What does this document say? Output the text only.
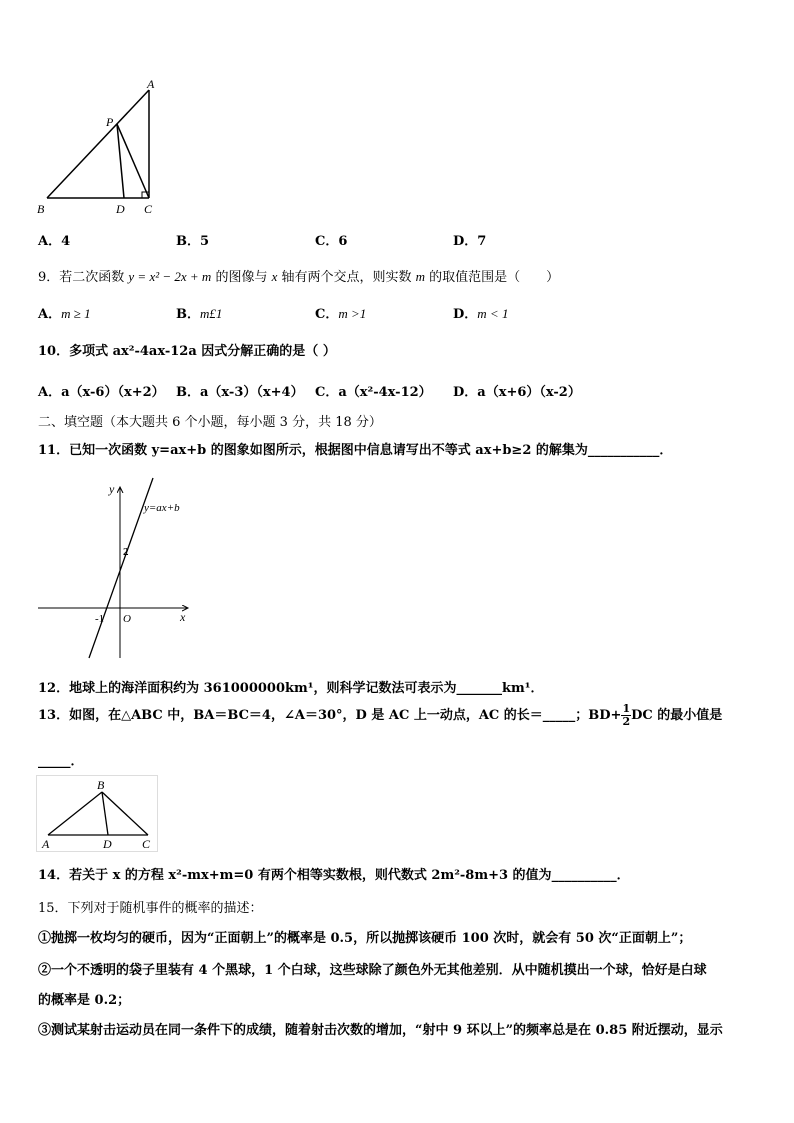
A
P
B	D C
A．4	B．5	C．6	D．7
9．若二次函数 y = x² − 2x + m 的图像与 x 轴有两个交点，则实数 m 的取值范围是（　　）
A．m ≥ 1	B．m£1	C．m >1	D．m < 1
10．多项式 ax²-4ax-12a 因式分解正确的是（ ）
A．a（x-6）（x+2） B．a（x-3）（x+4） C．a（x²-4x-12） D．a（x+6）（x-2）
二、填空题（本大题共 6 个小题，每小题 3 分，共 18 分）
11．已知一次函数 y=ax+b 的图象如图所示，根据图中信息请写出不等式 ax+b≥2 的解集为___________．
y
x
y=ax+b
2
-1 O
12．地球上的海洋面积约为 361000000km¹，则科学记数法可表示为_______km¹．
13．如图，在△ABC 中，BA＝BC＝4，∠A＝30°，D 是 AC 上一动点，AC 的长＝_____；$BD+ \frac{1}{2}$ DC 的最小值是
_____．
B
A	D	C
14．若关于 x 的方程 x²-mx+m=0 有两个相等实数根，则代数式 2m²-8m+3 的值为__________．
15．下列对于随机事件的概率的描述：
①抛掷一枚均匀的硬币，因为“正面朝上”的概率是 0.5，所以抛掷该硬币 100 次时，就会有 50 次“正面朝上”；
②一个不透明的袋子里装有 4 个黑球，1 个白球，这些球除了颜色外无其他差别．从中随机摸出一个球，恰好是白球
的概率是 0.2；
③测试某射击运动员在同一条件下的成绩，随着射击次数的增加，“射中 9 环以上”的频率总是在 0.85 附近摆动，显示
